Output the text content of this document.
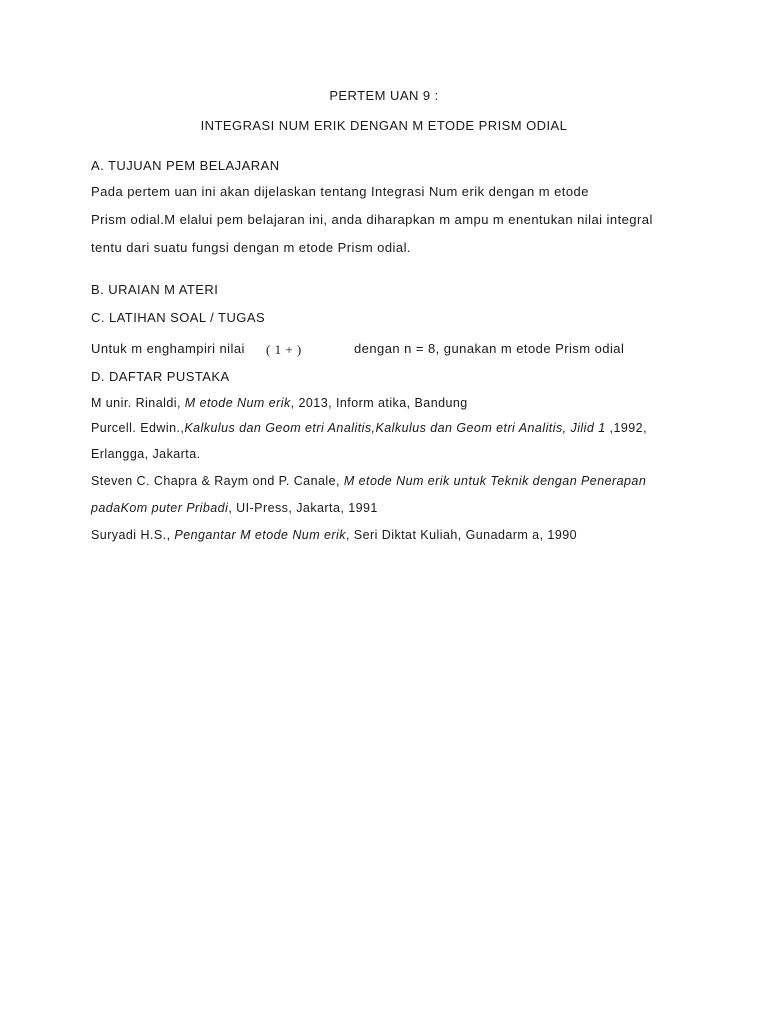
PERTEM UAN 9 :
INTEGRASI NUM ERIK DENGAN M ETODE PRISM ODIAL
A. TUJUAN PEM BELAJARAN
Pada pertem uan ini akan dijelaskan tentang Integrasi Num erik dengan m etode
Prism odial.M elalui pem belajaran ini, anda diharapkan m ampu m enentukan nilai integral
tentu dari suatu fungsi dengan m etode Prism odial.
B. URAIAN M ATERI
C. LATIHAN SOAL / TUGAS
Untuk m enghampiri nilai ( 1 + )	dengan n = 8, gunakan m etode Prism odial
D. DAFTAR PUSTAKA
M unir. Rinaldi, M etode Num erik, 2013, Inform atika, Bandung
Purcell. Edwin.,Kalkulus dan Geom etri Analitis,Kalkulus dan Geom etri Analitis, Jilid 1 ,1992,
Erlangga, Jakarta.
Steven C. Chapra & Raym ond P. Canale, M etode Num erik untuk Teknik dengan Penerapan
padaKom puter Pribadi, UI-Press, Jakarta, 1991
Suryadi H.S., Pengantar M etode Num erik, Seri Diktat Kuliah, Gunadarm a, 1990
